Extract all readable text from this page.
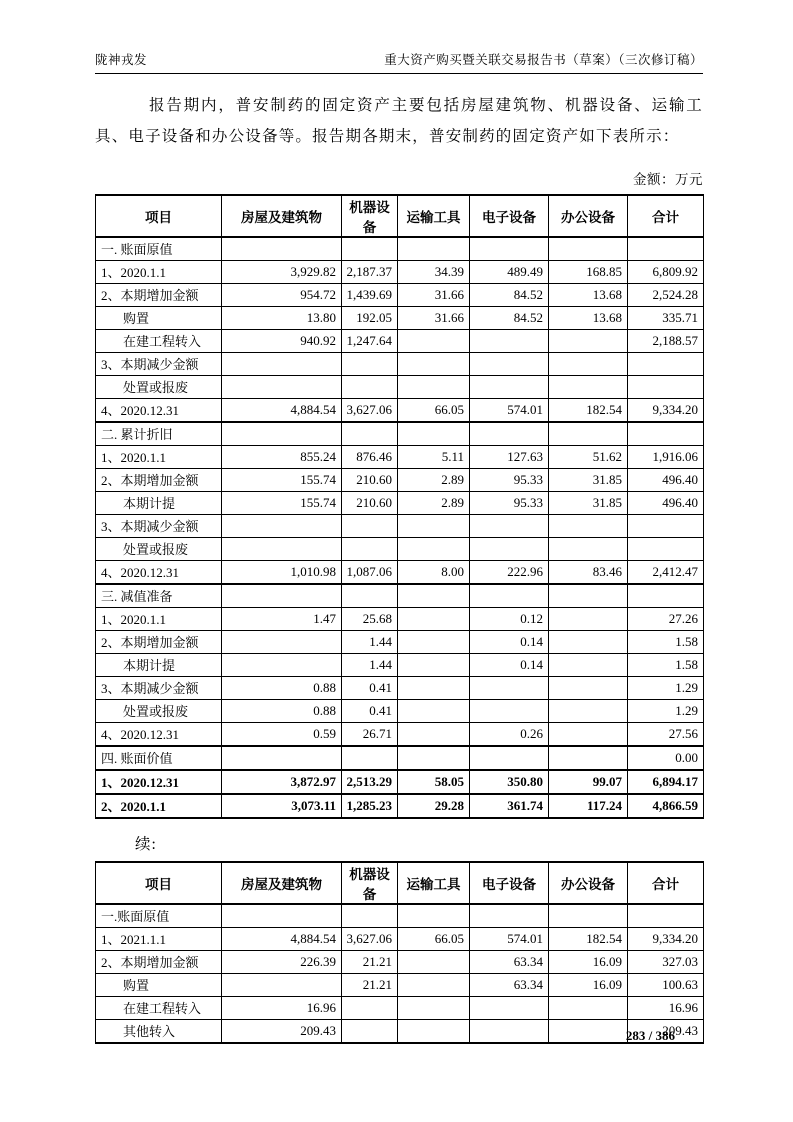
陇神戎发	重大资产购买暨关联交易报告书（草案）（三次修订稿）

报告期内，普安制药的固定资产主要包括房屋建筑物、机器设备、运输工具、电子设备和办公设备等。报告期各期末，普安制药的固定资产如下表所示：

金额：万元
项目	房屋及建筑物	机器设备	运输工具	电子设备	办公设备	合计
一. 账面原值						
1、2020.1.1	3,929.82	2,187.37	34.39	489.49	168.85	6,809.92
2、本期增加金额	954.72	1,439.69	31.66	84.52	13.68	2,524.28
购置	13.80	192.05	31.66	84.52	13.68	335.71
在建工程转入	940.92	1,247.64				2,188.57
3、本期减少金额						
处置或报废						
4、2020.12.31	4,884.54	3,627.06	66.05	574.01	182.54	9,334.20
二. 累计折旧						
1、2020.1.1	855.24	876.46	5.11	127.63	51.62	1,916.06
2、本期增加金额	155.74	210.60	2.89	95.33	31.85	496.40
本期计提	155.74	210.60	2.89	95.33	31.85	496.40
3、本期减少金额						
处置或报废						
4、2020.12.31	1,010.98	1,087.06	8.00	222.96	83.46	2,412.47
三. 减值准备						
1、2020.1.1	1.47	25.68		0.12		27.26
2、本期增加金额		1.44		0.14		1.58
本期计提		1.44		0.14		1.58
3、本期减少金额	0.88	0.41				1.29
处置或报废	0.88	0.41				1.29
4、2020.12.31	0.59	26.71		0.26		27.56
四. 账面价值						0.00
1、2020.12.31	3,872.97	2,513.29	58.05	350.80	99.07	6,894.17
2、2020.1.1	3,073.11	1,285.23	29.28	361.74	117.24	4,866.59
续:
项目	房屋及建筑物	机器设备	运输工具	电子设备	办公设备	合计
一.账面原值						
1、2021.1.1	4,884.54	3,627.06	66.05	574.01	182.54	9,334.20
2、本期增加金额	226.39	21.21		63.34	16.09	327.03
购置		21.21		63.34	16.09	100.63
在建工程转入	16.96					16.96
其他转入	209.43					209.43
283 / 386
